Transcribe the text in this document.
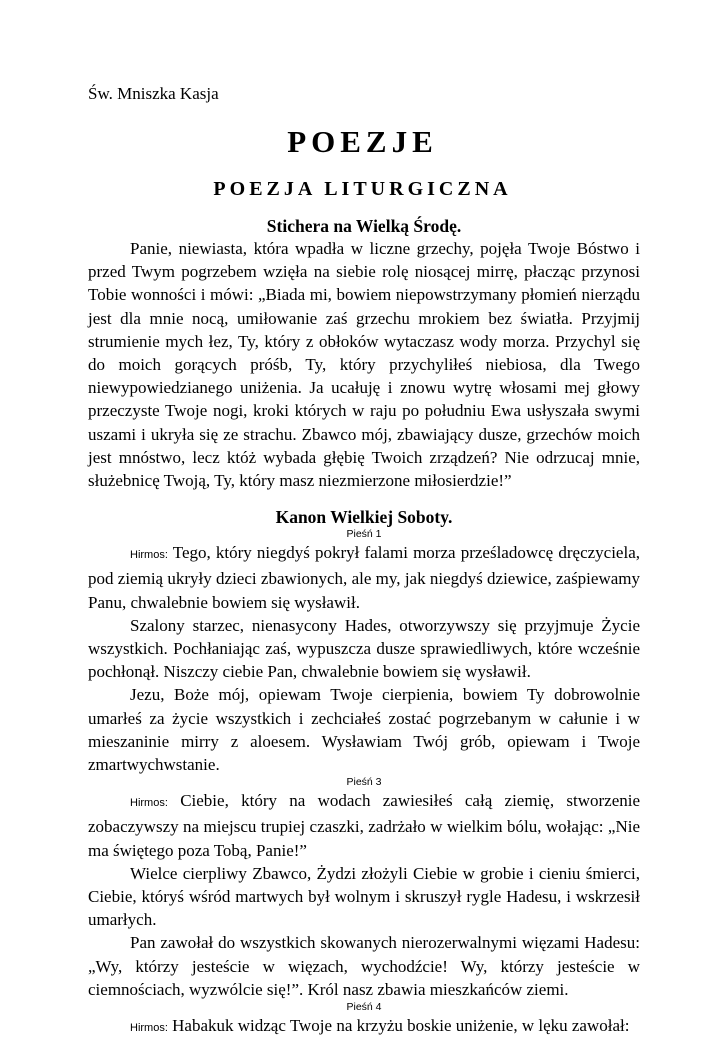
Św. Mniszka Kasja
POEZJE
POEZJA LITURGICZNA

Stichera na Wielką Środę.

Panie, niewiasta, która wpadła w liczne grzechy, pojęła Twoje Bóstwo i przed Twym pogrzebem wzięła na siebie rolę niosącej mirrę, płacząc przynosi Tobie wonności i mówi: „Biada mi, bowiem niepowstrzymany płomień nierządu jest dla mnie nocą, umiłowanie zaś grzechu mrokiem bez światła. Przyjmij strumienie mych łez, Ty, który z obłoków wytaczasz wody morza. Przychyl się do moich gorących próśb, Ty, który przychyliłeś niebiosa, dla Twego niewypowiedzianego uniżenia. Ja ucałuję i znowu wytrę włosami mej głowy przeczyste Twoje nogi, kroki których w raju po południu Ewa usłyszała swymi uszami i ukryła się ze strachu. Zbawco mój, zbawiający dusze, grzechów moich jest mnóstwo, lecz któż wybada głębię Twoich zrządzeń? Nie odrzucaj mnie, służebnicę Twoją, Ty, który masz niezmierzone miłosierdzie!”

Kanon Wielkiej Soboty.

Pieśń 1

Hirmos: Tego, który niegdyś pokrył falami morza prześladowcę dręczyciela, pod ziemią ukryły dzieci zbawionych, ale my, jak niegdyś dziewice, zaśpiewamy Panu, chwalebnie bowiem się wysławił.

Szalony starzec, nienasycony Hades, otworzywszy się przyjmuje Życie wszystkich. Pochłaniając zaś, wypuszcza dusze sprawiedliwych, które wcześnie pochłonął. Niszczy ciebie Pan, chwalebnie bowiem się wysławił.

Jezu, Boże mój, opiewam Twoje cierpienia, bowiem Ty dobrowolnie umarłeś za życie wszystkich i zechciałeś zostać pogrzebanym w całunie i w mieszaninie mirry z aloesem. Wysławiam Twój grób, opiewam i Twoje zmartwychwstanie.

Pieśń 3

Hirmos: Ciebie, który na wodach zawiesiłeś całą ziemię, stworzenie zobaczywszy na miejscu trupiej czaszki, zadrżało w wielkim bólu, wołając: „Nie ma świętego poza Tobą, Panie!”

Wielce cierpliwy Zbawco, Żydzi złożyli Ciebie w grobie i cieniu śmierci, Ciebie, któryś wśród martwych był wolnym i skruszył rygle Hadesu, i wskrzesił umarłych.

Pan zawołał do wszystkich skowanych nierozerwalnymi więzami Hadesu: „Wy, którzy jesteście w więzach, wychodźcie! Wy, którzy jesteście w ciemnościach, wyzwólcie się!”. Król nasz zbawia mieszkańców ziemi.

Pieśń 4

Hirmos: Habakuk widząc Twoje na krzyżu boskie uniżenie, w lęku zawołał:
